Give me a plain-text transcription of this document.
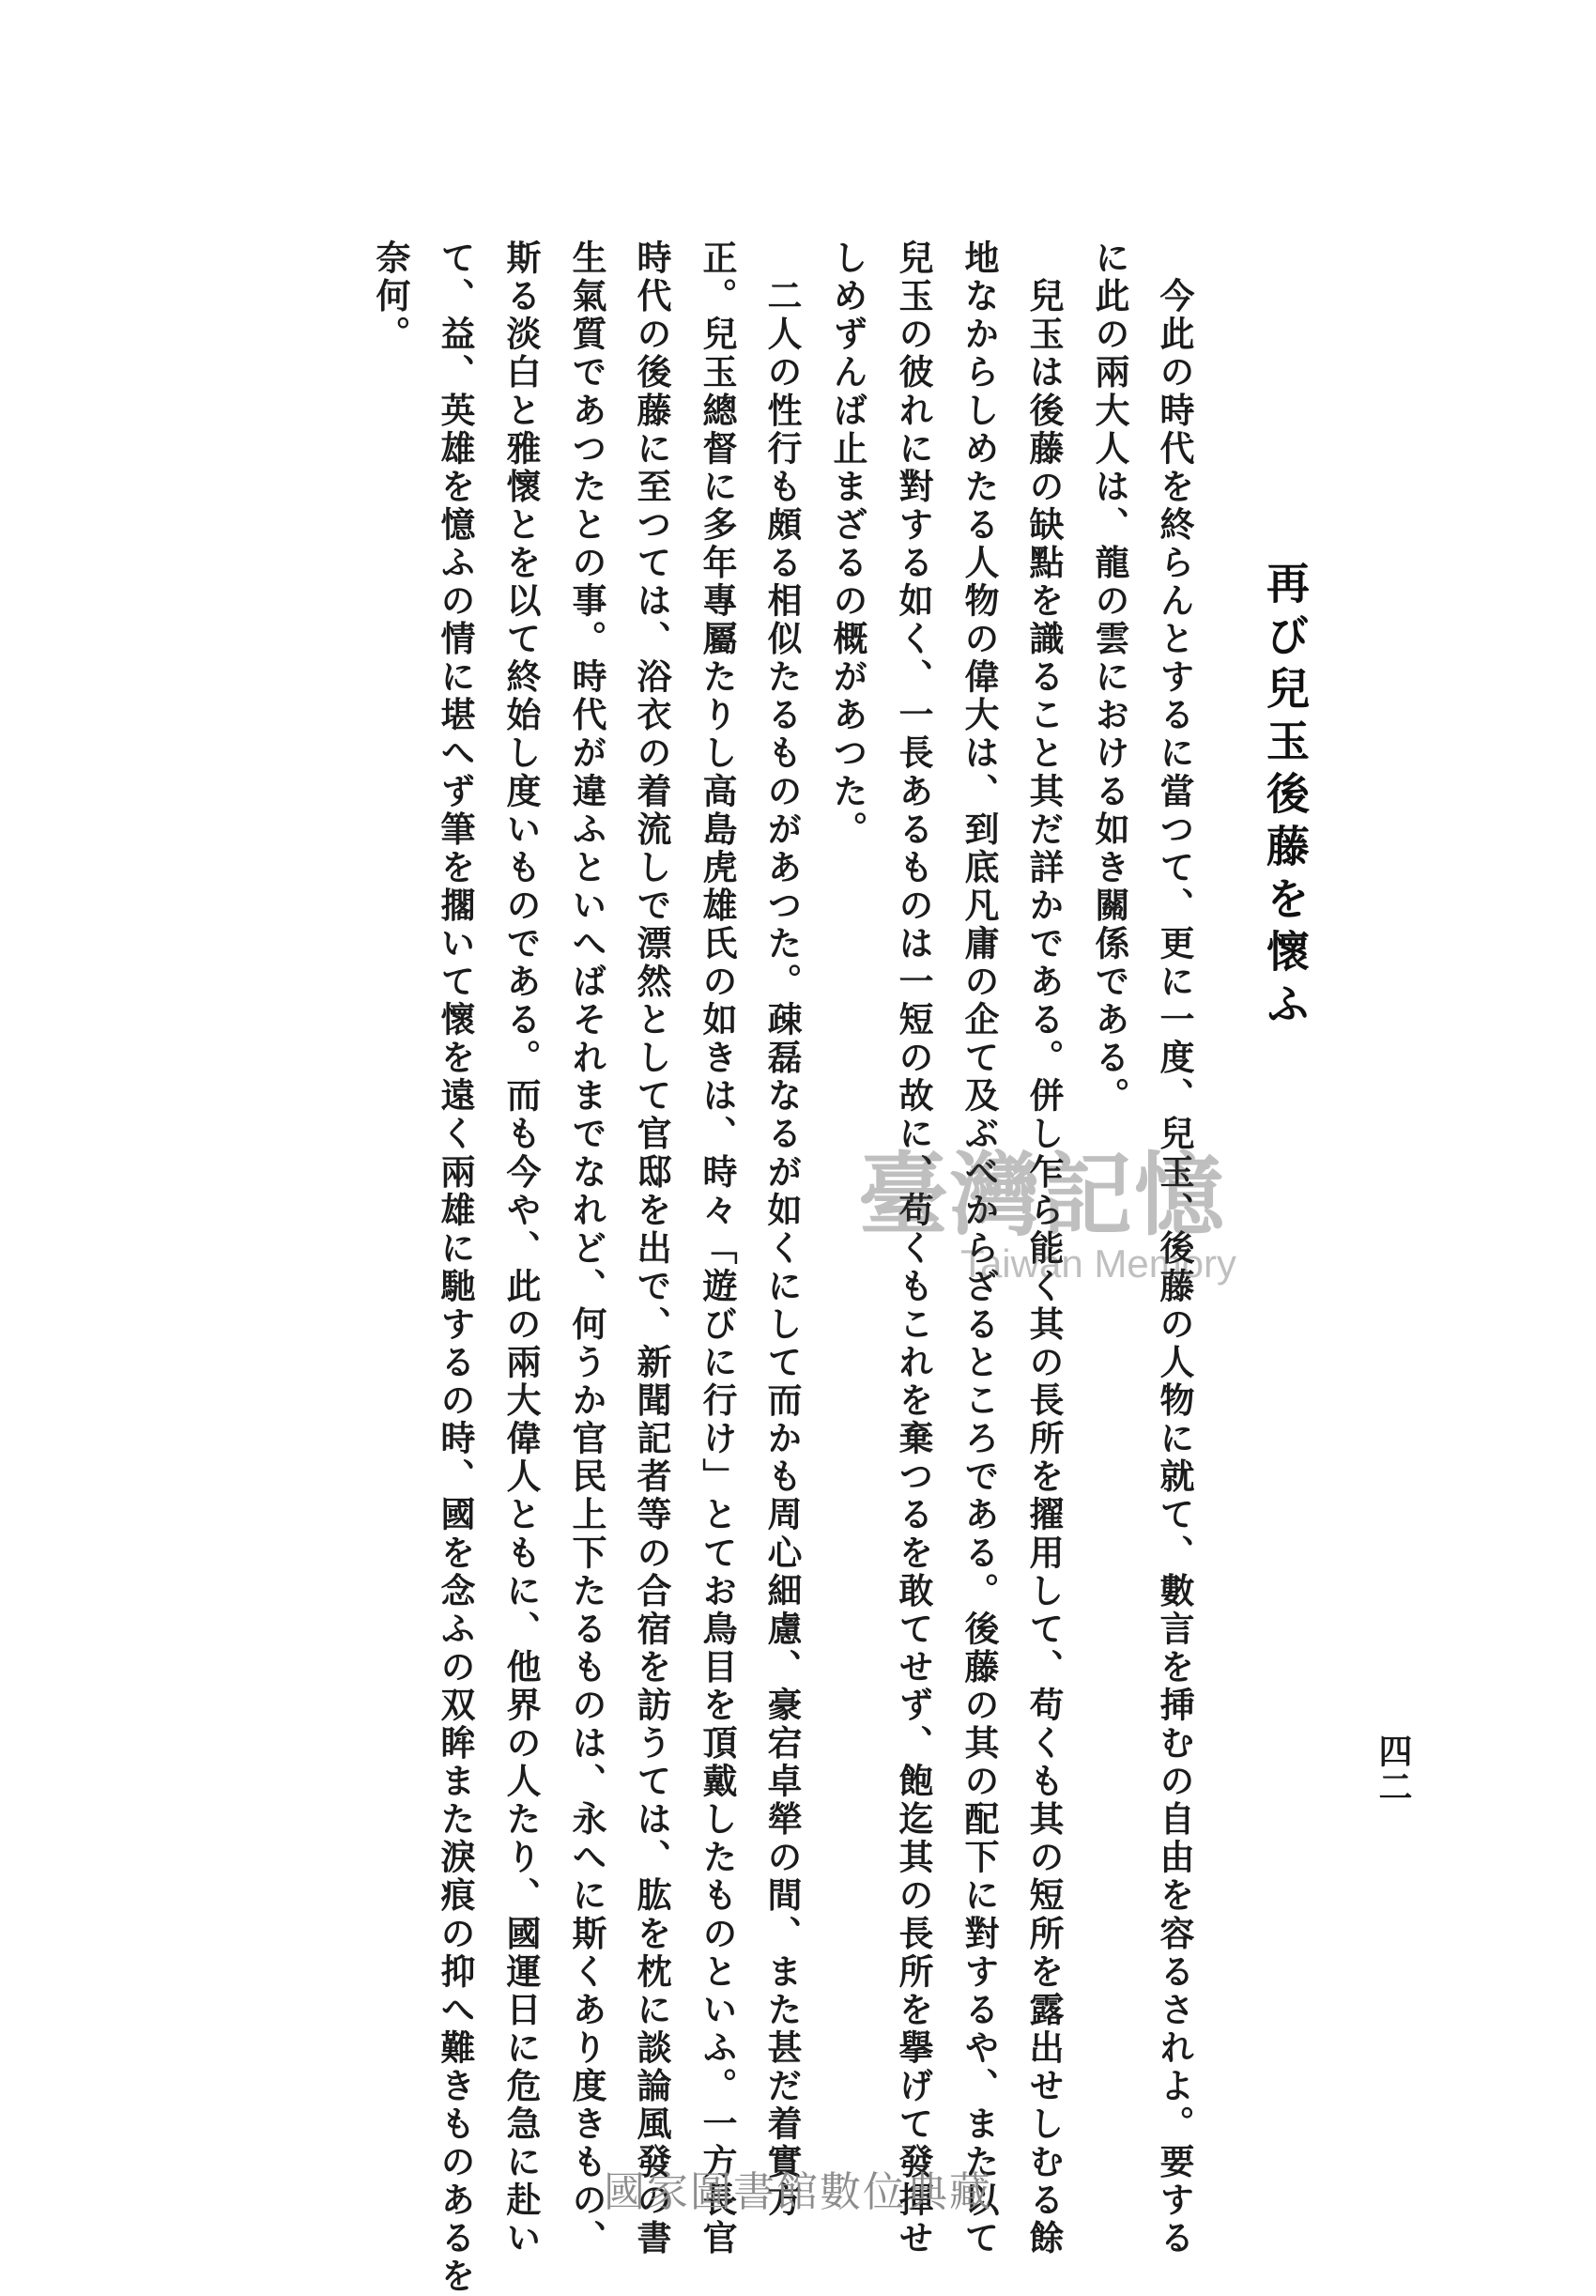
四二
再び兒玉後藤を懷ふ
　今此の時代を終らんとするに當つて、更に一度、兒玉、後藤の人物に就て、數言を挿むの自由を容るされよ。要する
に此の兩大人は、龍の雲における如き關係である。
　兒玉は後藤の缺點を識ること其だ詳かである。併し乍ら能く其の長所を擢用して、苟くも其の短所を露出せしむる餘
地なからしめたる人物の偉大は、到底凡庸の企て及ぶべからざるところである。後藤の其の配下に對するや、また以て
兒玉の彼れに對する如く、一長あるものは一短の故に、苟くもこれを棄つるを敢てせず、飽迄其の長所を擧げて發揮せ
しめずんば止まざるの概があつた。
　二人の性行も頗る相似たるものがあつた。疎磊なるが如くにして而かも周心細慮、豪宕卓犖の間、また甚だ着實方
正。兒玉總督に多年專屬たりし高島虎雄氏の如きは、時々「遊びに行け」とてお鳥目を頂戴したものといふ。一方長官
時代の後藤に至つては、浴衣の着流しで漂然として官邸を出で、新聞記者等の合宿を訪うては、肱を枕に談論風發の書
生氣質であつたとの事。時代が違ふといへばそれまでなれど、何うか官民上下たるものは、永へに斯くあり度きもの、
斯る淡白と雅懷とを以て終始し度いものである。而も今や、此の兩大偉人ともに、他界の人たり、國運日に危急に赴い
て、益、英雄を憶ふの情に堪へず筆を擱いて懷を遠く兩雄に馳するの時、國を念ふの双眸また淚痕の抑へ難きものあるを
奈何。
臺灣記憶
Taiwan Memory
國家圖書館數位典藏
